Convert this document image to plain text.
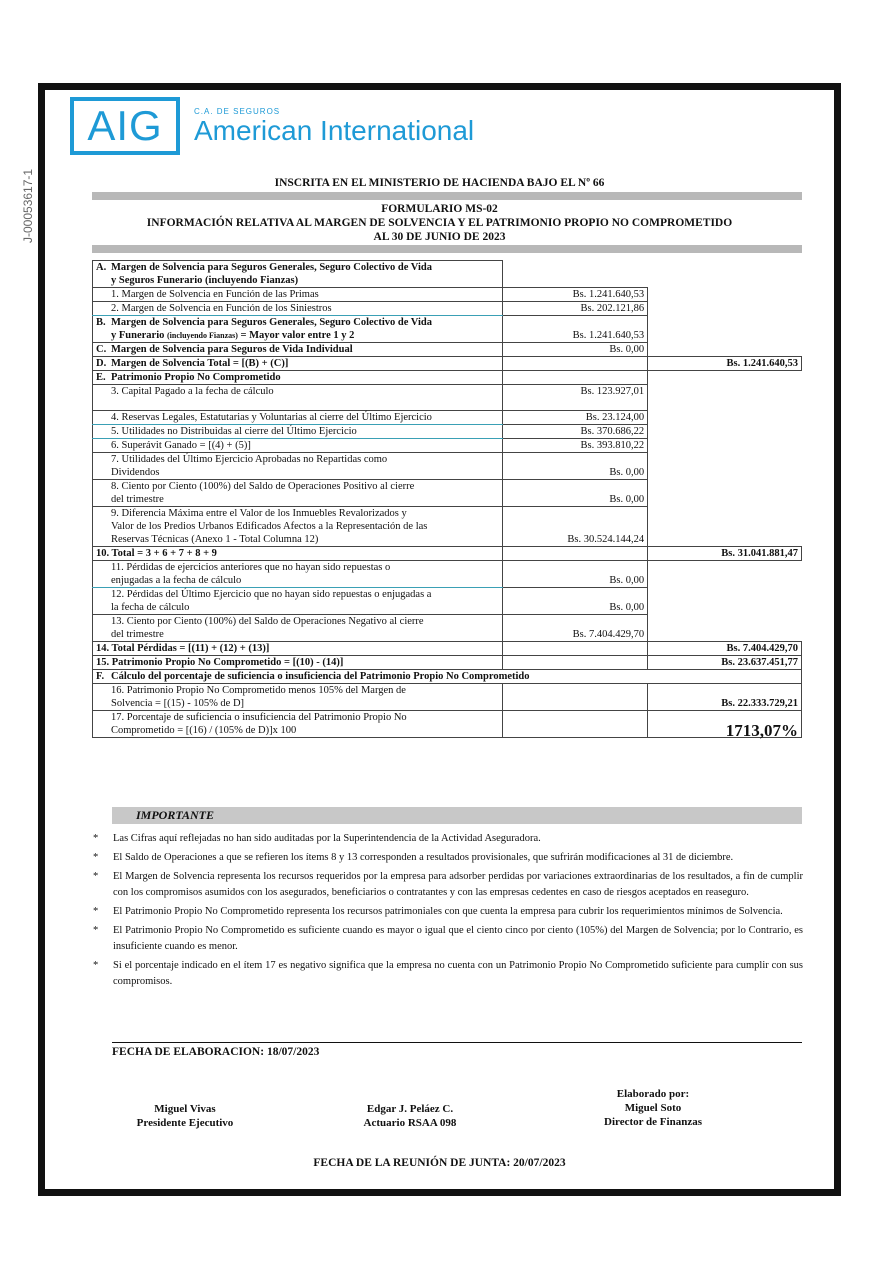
J-00053617-1
AIG	C.A. DE SEGUROS
American International
INSCRITA EN EL MINISTERIO DE HACIENDA BAJO EL Nº 66
FORMULARIO MS-02
INFORMACIÓN RELATIVA AL MARGEN DE SOLVENCIA Y EL PATRIMONIO PROPIO NO COMPROMETIDO
AL 30 DE JUNIO DE 2023
A. Margen de Solvencia para Seguros Generales, Seguro Colectivo de Vida
y Seguros Funerario (incluyendo Fianzas)		
1. Margen de Solvencia en Función de las Primas	Bs. 1.241.640,53	
2. Margen de Solvencia en Función de los Siniestros	Bs. 202.121,86	
B. Margen de Solvencia para Seguros Generales, Seguro Colectivo de Vida
y Funerario (incluyendo Fianzas) = Mayor valor entre 1 y 2	Bs. 1.241.640,53	
C. Margen de Solvencia para Seguros de Vida Individual	Bs. 0,00	
D. Margen de Solvencia Total = [(B) + (C)]		Bs. 1.241.640,53
E. Patrimonio Propio No Comprometido		
3. Capital Pagado a la fecha de cálculo	Bs. 123.927,01	
4. Reservas Legales, Estatutarias y Voluntarias al cierre del Último Ejercicio	Bs. 23.124,00	
5. Utilidades no Distribuidas al cierre del Último Ejercicio	Bs. 370.686,22	
6. Superávit Ganado = [(4) + (5)]	Bs. 393.810,22	
7. Utilidades del Último Ejercicio Aprobadas no Repartidas como
Dividendos	Bs. 0,00	
8. Ciento por Ciento (100%) del Saldo de Operaciones Positivo al cierre
del trimestre	Bs. 0,00	
9. Diferencia Máxima entre el Valor de los Inmuebles Revalorizados y
Valor de los Predios Urbanos Edificados Afectos a la Representación de las
Reservas Técnicas (Anexo 1 - Total Columna 12)	Bs. 30.524.144,24	
10. Total = 3 + 6 + 7 + 8 + 9		Bs. 31.041.881,47
11. Pérdidas de ejercicios anteriores que no hayan sido repuestas o
enjugadas a la fecha de cálculo	Bs. 0,00	
12. Pérdidas del Último Ejercicio que no hayan sido repuestas o enjugadas a
la fecha de cálculo	Bs. 0,00	
13. Ciento por Ciento (100%) del Saldo de Operaciones Negativo al cierre
del trimestre	Bs. 7.404.429,70	
14. Total Pérdidas = [(11) + (12) + (13)]		Bs. 7.404.429,70
15. Patrimonio Propio No Comprometido = [(10) - (14)]		Bs. 23.637.451,77
F. Cálculo del porcentaje de suficiencia o insuficiencia del Patrimonio Propio No Comprometido		
16. Patrimonio Propio No Comprometido menos 105% del Margen de
Solvencia = [(15) - 105% de D]		Bs. 22.333.729,21
17. Porcentaje de suficiencia o insuficiencia del Patrimonio Propio No
Comprometido = [(16) / (105% de D)]x 100		1713,07%
IMPORTANTE
*	Las Cifras aquí reflejadas no han sido auditadas por la Superintendencia de la Actividad Aseguradora.
*	El Saldo de Operaciones a que se refieren los ítems 8 y 13 corresponden a resultados provisionales, que sufrirán modificaciones al 31 de diciembre.
*	El Margen de Solvencia representa los recursos requeridos por la empresa para adsorber perdidas por variaciones extraordinarias de los resultados, a fin de cumplir con los compromisos asumidos con los asegurados, beneficiarios o contratantes y con las empresas cedentes en caso de riesgos aceptados en reaseguro.
*	El Patrimonio Propio No Comprometido representa los recursos patrimoniales con que cuenta la empresa para cubrir los requerimientos mínimos de Solvencia.
*	El Patrimonio Propio No Comprometido es suficiente cuando es mayor o igual que el ciento cinco por ciento (105%) del Margen de Solvencia; por lo Contrario, es insuficiente cuando es menor.
*	Si el porcentaje indicado en el ítem 17 es negativo significa que la empresa no cuenta con un Patrimonio Propio No Comprometido suficiente para cumplir con sus compromisos.
FECHA DE ELABORACION: 18/07/2023
Miguel Vivas
Presidente Ejecutivo
Edgar J. Peláez C.
Actuario RSAA 098
Elaborado por:
Miguel Soto
Director de Finanzas
FECHA DE LA REUNIÓN DE JUNTA: 20/07/2023
